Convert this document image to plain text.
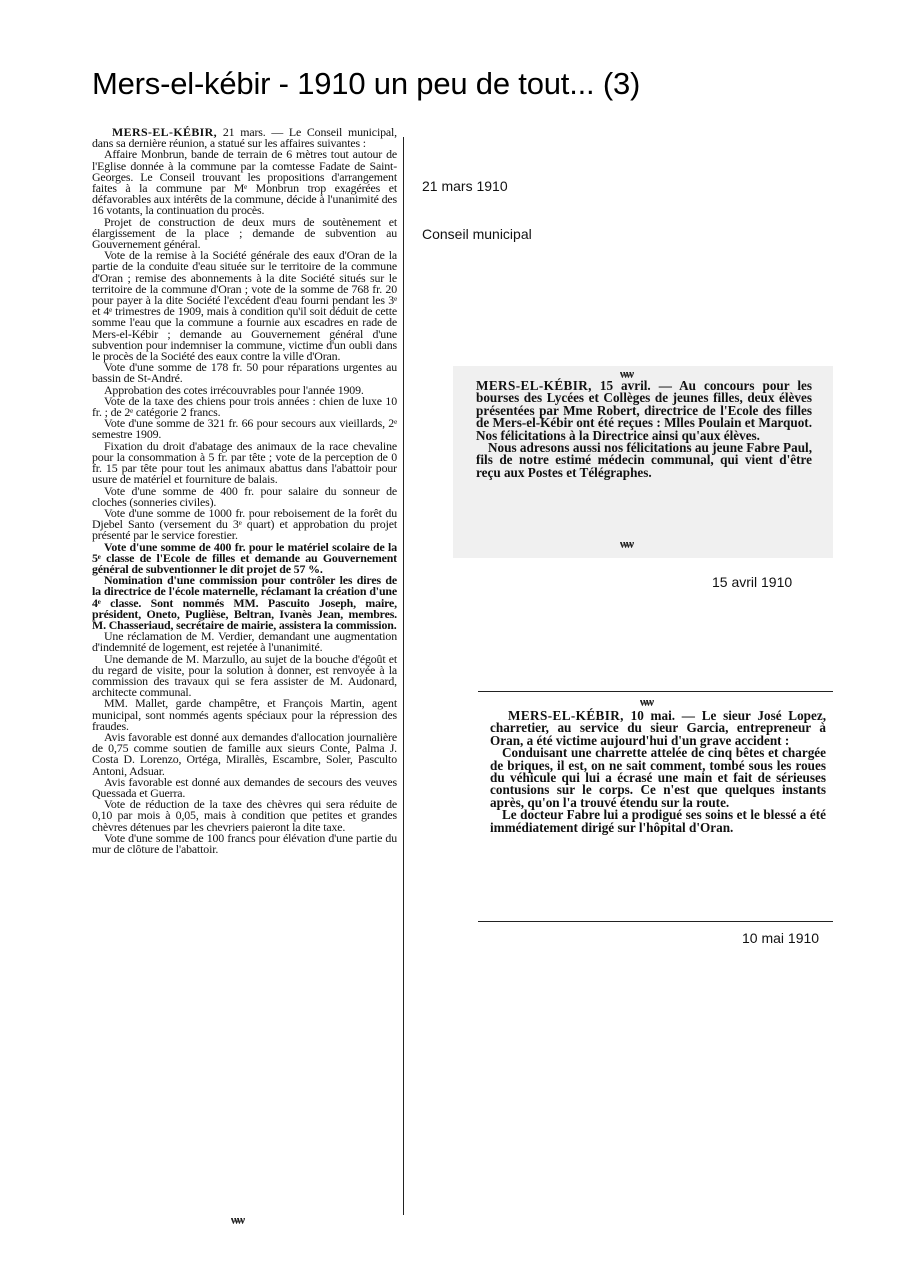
Mers-el-kébir - 1910 un peu de tout... (3)

MERS-EL-KÉBIR, 21 mars. — Le Conseil municipal, dans sa dernière réunion, a statué sur les affaires suivantes :

Affaire Monbrun, bande de terrain de 6 mètres tout autour de l'Eglise donnée à la commune par la comtesse Fadate de Saint-Georges. Le Conseil trouvant les propositions d'arrangement faites à la commune par Mᵉ Monbrun trop exagérées et défavorables aux intérêts de la commune, décide à l'unanimité des 16 votants, la continuation du procès.

Projet de construction de deux murs de soutènement et élargissement de la place ; demande de subvention au Gouvernement général.

Vote de la remise à la Société générale des eaux d'Oran de la partie de la conduite d'eau située sur le territoire de la commune d'Oran ; remise des abonnements à la dite Société situés sur le territoire de la commune d'Oran ; vote de la somme de 768 fr. 20 pour payer à la dite Société l'excédent d'eau fourni pendant les 3ᵉ et 4ᵉ trimestres de 1909, mais à condition qu'il soit déduit de cette somme l'eau que la commune a fournie aux escadres en rade de Mers-el-Kébir ; demande au Gouvernement général d'une subvention pour indemniser la commune, victime d'un oubli dans le procès de la Société des eaux contre la ville d'Oran.

Vote d'une somme de 178 fr. 50 pour réparations urgentes au bassin de St-André.

Approbation des cotes irrécouvrables pour l'année 1909.

Vote de la taxe des chiens pour trois années : chien de luxe 10 fr. ; de 2ᵉ catégorie 2 francs.

Vote d'une somme de 321 fr. 66 pour secours aux vieillards, 2ᵉ semestre 1909.

Fixation du droit d'abatage des animaux de la race chevaline pour la consommation à 5 fr. par tête ; vote de la perception de 0 fr. 15 par tête pour tout les animaux abattus dans l'abattoir pour usure de matériel et fourniture de balais.

Vote d'une somme de 400 fr. pour salaire du sonneur de cloches (sonneries civiles).

Vote d'une somme de 1000 fr. pour reboisement de la forêt du Djebel Santo (versement du 3ᵉ quart) et approbation du projet présenté par le service forestier.

Vote d'une somme de 400 fr. pour le matériel scolaire de la 5ᵉ classe de l'Ecole de filles et demande au Gouvernement général de subventionner le dit projet de 57 %.

Nomination d'une commission pour contrôler les dires de la directrice de l'école maternelle, réclamant la création d'une 4ᵉ classe. Sont nommés MM. Pascuito Joseph, maire, président, Oneto, Puglièse, Beltran, Ivanès Jean, membres. M. Chasseriaud, secrétaire de mairie, assistera la commission.

Une réclamation de M. Verdier, demandant une augmentation d'indemnité de logement, est rejetée à l'unanimité.

Une demande de M. Marzullo, au sujet de la bouche d'égoût et du regard de visite, pour la solution à donner, est renvoyée à la commission des travaux qui se fera assister de M. Audonard, architecte communal.

MM. Mallet, garde champêtre, et François Martin, agent municipal, sont nommés agents spéciaux pour la répression des fraudes.

Avis favorable est donné aux demandes d'allocation journalière de 0,75 comme soutien de famille aux sieurs Conte, Palma J. Costa D. Lorenzo, Ortéga, Mirallès, Escambre, Soler, Pasculto Antoni, Adsuar.

Avis favorable est donné aux demandes de secours des veuves Quessada et Guerra.

Vote de réduction de la taxe des chèvres qui sera réduite de 0,10 par mois à 0,05, mais à condition que petites et grandes chèvres détenues par les chevriers paieront la dite taxe.

Vote d'une somme de 100 francs pour élévation d'une partie du mur de clôture de l'abattoir.

ѡѡ
21 mars 1910
Conseil municipal
ѡѡ

MERS-EL-KÉBIR, 15 avril. — Au concours pour les bourses des Lycées et Collèges de jeunes filles, deux élèves présentées par Mme Robert, directrice de l'Ecole des filles de Mers-el-Kébir ont été reçues : Mlles Poulain et Marquot. Nos félicitations à la Directrice ainsi qu'aux élèves.

Nous adresons aussi nos félicitations au jeune Fabre Paul, fils de notre estimé médecin communal, qui vient d'être reçu aux Postes et Télégraphes.

ѡѡ
15 avril 1910
ѡѡ

MERS-EL-KÉBIR, 10 mai. — Le sieur José Lopez, charretier, au service du sieur Garcia, entrepreneur à Oran, a été victime aujourd'hui d'un grave accident :

Conduisant une charrette attelée de cinq bêtes et chargée de briques, il est, on ne sait comment, tombé sous les roues du véhicule qui lui a écrasé une main et fait de sérieuses contusions sur le corps. Ce n'est que quelques instants après, qu'on l'a trouvé étendu sur la route.

Le docteur Fabre lui a prodigué ses soins et le blessé a été immédiatement dirigé sur l'hôpital d'Oran.

10 mai 1910
